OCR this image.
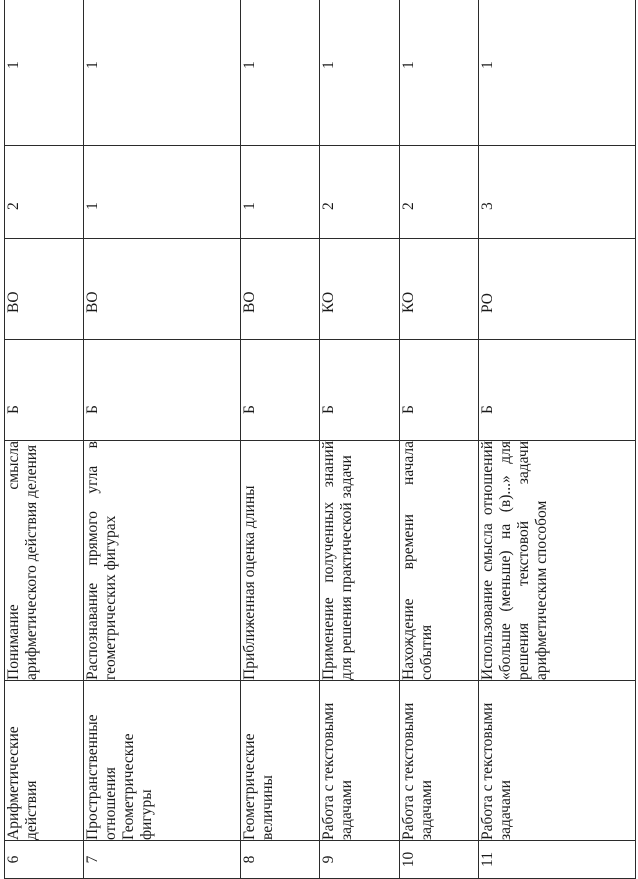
6	Арифметические действия	Понимание смысла арифметического действия деления	Б	ВО	2	1
7	Пространственные отношения Геометрические фигуры	Распознавание прямого угла в геометрических фигурах	Б	ВО	1	1
8	Геометрические величины	Приближенная оценка длины	Б	ВО	1	1
9	Работа с текстовыми задачами	Применение полученных знаний для решения практической задачи	Б	КО	2	1
10	Работа с текстовыми задачами	Нахождение времени начала события	Б	КО	2	1
11	Работа с текстовыми задачами	Использование смысла отношений «больше (меньше) на (в)...» для решения текстовой задачи арифметическим способом	Б	РО	3	1
